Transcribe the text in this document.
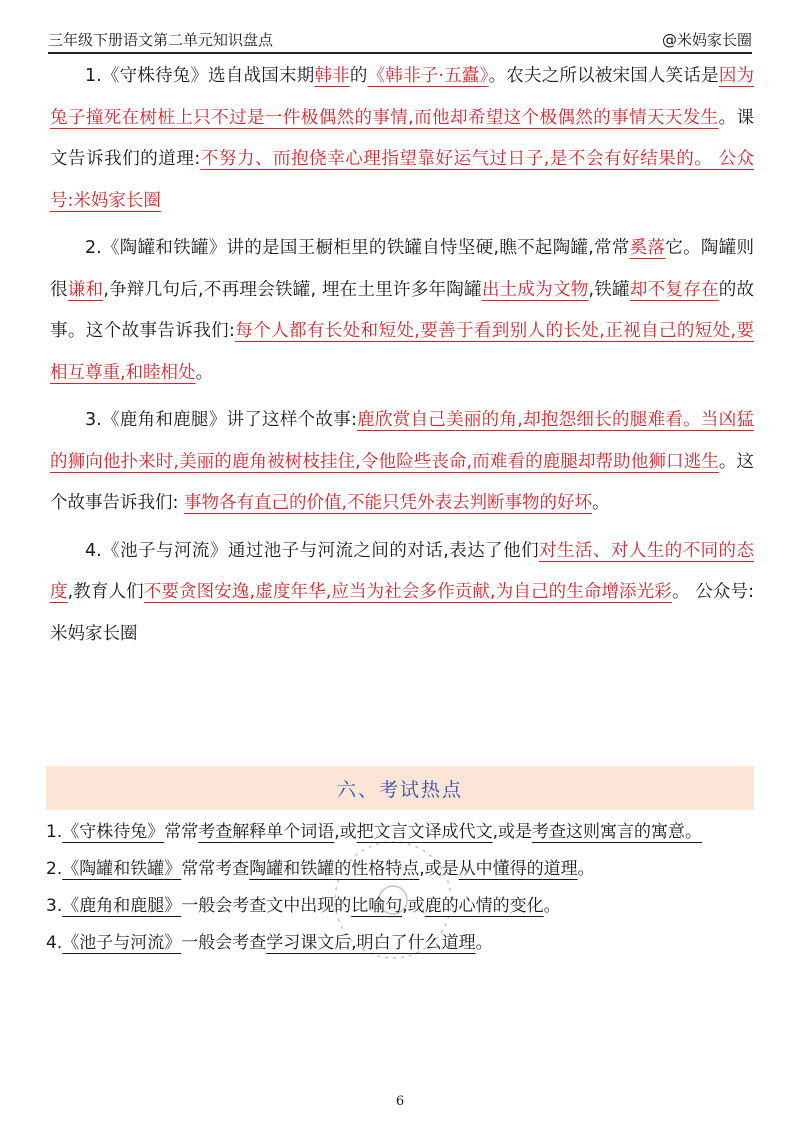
三年级下册语文第二单元知识盘点	@米妈家长圈

1.《守株待兔》选自战国末期韩非的《韩非子·五蠹》。农夫之所以被宋国人笑话是因为兔子撞死在树桩上只不过是一件极偶然的事情,而他却希望这个极偶然的事情天天发生。课文告诉我们的道理:不努力、而抱侥幸心理指望靠好运气过日子,是不会有好结果的。 公众号:米妈家长圈

2.《陶罐和铁罐》讲的是国王橱柜里的铁罐自恃坚硬,瞧不起陶罐,常常奚落它。陶罐则很谦和,争辩几句后,不再理会铁罐, 埋在土里许多年陶罐出土成为文物,铁罐却不复存在的故事。这个故事告诉我们:每个人都有长处和短处,要善于看到别人的长处,正视自己的短处,要相互尊重,和睦相处。

3.《鹿角和鹿腿》讲了这样个故事:鹿欣赏自己美丽的角,却抱怨细长的腿难看。当凶猛的狮向他扑来时,美丽的鹿角被树枝挂住,令他险些丧命,而难看的鹿腿却帮助他狮口逃生。这个故事告诉我们: 事物各有直己的价值,不能只凭外表去判断事物的好坏。

4.《池子与河流》通过池子与河流之间的对话,表达了他们对生活、对人生的不同的态度,教育人们不要贪图安逸,虚度年华,应当为社会多作贡献,为自己的生命增添光彩。 公众号:米妈家长圈

六、考试热点

1.《守株待兔》常常考查解释单个词语,或把文言文译成代文,或是考查这则寓言的寓意。

2.《陶罐和铁罐》常常考查陶罐和铁罐的性格特点,或是从中懂得的道理。

3.《鹿角和鹿腿》一般会考查文中出现的比喻句,或鹿的心情的变化。

4.《池子与河流》一般会考查学习课文后,明白了什么道理。

6
